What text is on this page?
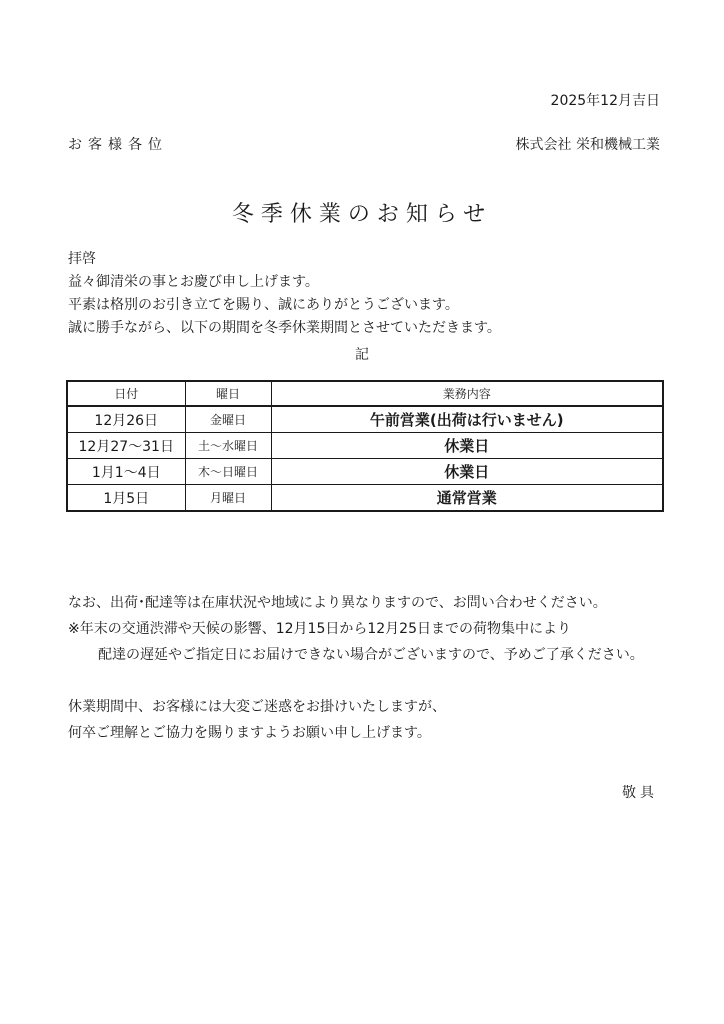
2025年12月吉日
お客様各位	株式会社 栄和機械工業
冬季休業のお知らせ
拝啓
益々御清栄の事とお慶び申し上げます。
平素は格別のお引き立てを賜り、誠にありがとうございます。
誠に勝手ながら、以下の期間を冬季休業期間とさせていただきます。
記
日付	曜日	業務内容
12月26日	金曜日	午前営業(出荷は行いません)
12月27～31日	土～水曜日	休業日
1月1～4日	木～日曜日	休業日
1月5日	月曜日	通常営業
なお、出荷･配達等は在庫状況や地域により異なりますので、お問い合わせください。
※年末の交通渋滞や天候の影響、12月15日から12月25日までの荷物集中により
配達の遅延やご指定日にお届けできない場合がございますので、予めご了承ください。
休業期間中、お客様には大変ご迷惑をお掛けいたしますが、
何卒ご理解とご協力を賜りますようお願い申し上げます。
敬具
